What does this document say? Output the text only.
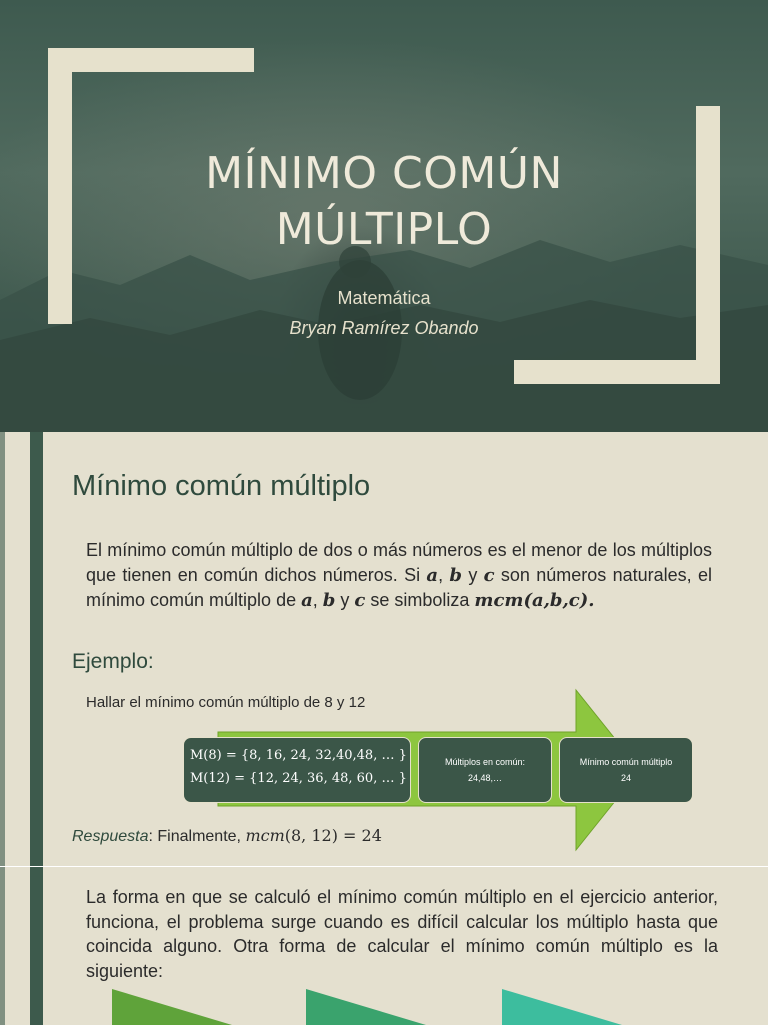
MÍNIMO COMÚN
MÚLTIPLO
Matemática
Bryan Ramírez Obando
Mínimo común múltiplo
El mínimo común múltiplo de dos o más números es el menor de los múltiplos que tienen en común dichos números. Si a, b y c son números naturales, el mínimo común múltiplo de a, b y c se simboliza mcm(a,b,c).
Ejemplo:
Hallar el mínimo común múltiplo de 8 y 12
M(8) = {8, 16, 24, 32,40,48, … }
M(12) = {12, 24, 36, 48, 60, … }
Múltiplos en común:
24,48,…
Mínimo común múltiplo
24
Respuesta: Finalmente, mcm(8, 12) = 24
La forma en que se calculó el mínimo común múltiplo en el ejercicio anterior, funciona, el problema surge cuando es difícil calcular los múltiplo hasta que coincida alguno. Otra forma de calcular el mínimo común múltiplo es la siguiente:
